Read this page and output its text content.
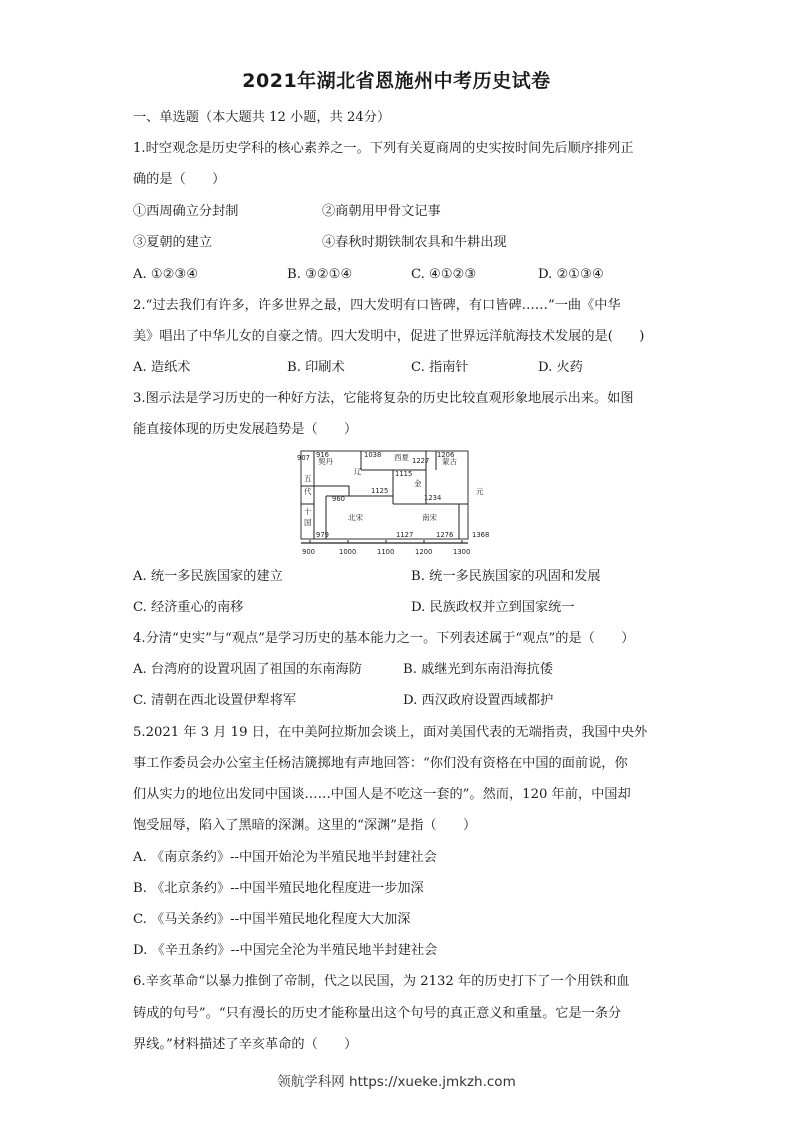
2021年湖北省恩施州中考历史试卷
一、单选题（本大题共 12 小题，共 24分）
1.时空观念是历史学科的核心素养之一。下列有关夏商周的史实按时间先后顺序排列正
确的是（　　）
①西周确立分封制	②商朝用甲骨文记事
③夏朝的建立	④春秋时期铁制农具和牛耕出现
A. ①②③④	B. ③②①④	C. ④①②③	D. ②①③④
2.“过去我们有许多，许多世界之最，四大发明有口皆碑，有口皆碑……”一曲《中华
美》唱出了中华儿女的自豪之情。四大发明中，促进了世界远洋航海技术发展的是(　　)
A. 造纸术	B. 印刷术	C. 指南针	D. 火药
3.图示法是学习历史的一种好方法，它能将复杂的历史比较直观形象地展示出来。如图
能直接体现的历史发展趋势是（　　）
契丹
辽
西夏	蒙古
金
元
五
代
十
国
北宋	南宋
907 916	1038
1227
1206
1115
1125
1234
960
979	1127	1276	1368
900	1000	1100	1200	1300
A. 统一多民族国家的建立	B. 统一多民族国家的巩固和发展
C. 经济重心的南移	D. 民族政权并立到国家统一
4.分清“史实”与“观点”是学习历史的基本能力之一。下列表述属于“观点”的是（　　）
A. 台湾府的设置巩固了祖国的东南海防	B. 戚继光到东南沿海抗倭
C. 清朝在西北设置伊犁将军	D. 西汉政府设置西域都护
5.2021 年 3 月 19 日，在中美阿拉斯加会谈上，面对美国代表的无端指责，我国中央外
事工作委员会办公室主任杨洁篪掷地有声地回答：“你们没有资格在中国的面前说，你
们从实力的地位出发同中国谈……中国人是不吃这一套的”。然而，120 年前，中国却
饱受屈辱，陷入了黑暗的深渊。这里的“深渊”是指（　　）
A. 《南京条约》--中国开始沦为半殖民地半封建社会
B. 《北京条约》--中国半殖民地化程度进一步加深
C. 《马关条约》--中国半殖民地化程度大大加深
D. 《辛丑条约》--中国完全沦为半殖民地半封建社会
6.辛亥革命“以暴力推倒了帝制，代之以民国，为 2132 年的历史打下了一个用铁和血
铸成的句号”。“只有漫长的历史才能称量出这个句号的真正意义和重量。它是一条分
界线。”材料描述了辛亥革命的（　　）
领航学科网 https://xueke.jmkzh.com
